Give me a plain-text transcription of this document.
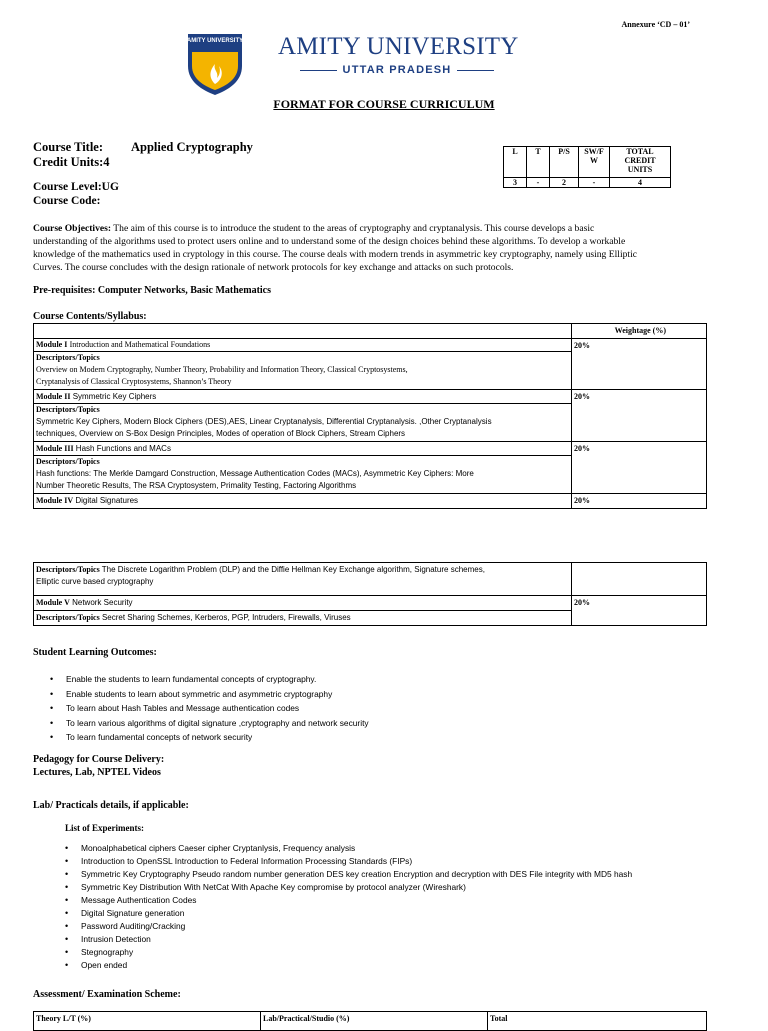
Annexure ‘CD – 01’
AMITY UNIVERSITY AMITY UNIVERSITY
UTTAR PRADESH
FORMAT FOR COURSE CURRICULUM
Course Title: Applied Cryptography
Credit Units:4
Course Level:UG
Course Code:
L	T	P/S	SW/F W	TOTAL CREDIT UNITS
3	-	2	-	4
Course Objectives: The aim of this course is to introduce the student to the areas of cryptography and cryptanalysis. This course develops a basic
understanding of the algorithms used to protect users online and to understand some of the design choices behind these algorithms. To develop a workable
knowledge of the mathematics used in cryptology in this course. The course deals with modern trends in asymmetric key cryptography, namely using Elliptic
Curves. The course concludes with the design rationale of network protocols for key exchange and attacks on such protocols.
Pre-requisites: Computer Networks, Basic Mathematics
Course Contents/Syllabus:
	Weightage (%)

Module I Introduction and Mathematical Foundations
Descriptors/Topics
Overview on Modern Cryptography, Number Theory, Probability and Information Theory, Classical Cryptosystems,
Cryptanalysis of Classical Cryptosystems, Shannon’s Theory	20%

Module II Symmetric Key Ciphers
Descriptors/Topics
Symmetric Key Ciphers, Modern Block Ciphers (DES),AES, Linear Cryptanalysis, Differential Cryptanalysis. ,Other Cryptanalysis
techniques, Overview on S-Box Design Principles, Modes of operation of Block Ciphers, Stream Ciphers	20%

Module III Hash Functions and MACs
Descriptors/Topics
Hash functions: The Merkle Damgard Construction, Message Authentication Codes (MACs), Asymmetric Key Ciphers: More
Number Theoretic Results, The RSA Cryptosystem, Primality Testing, Factoring Algorithms	20%
Module IV Digital Signatures	20%
Descriptors/Topics The Discrete Logarithm Problem (DLP) and the Diffie Hellman Key Exchange algorithm, Signature schemes,
Elliptic curve based cryptography	

Module V Network Security	20%
Descriptors/Topics Secret Sharing Schemes, Kerberos, PGP, Intruders, Firewalls, Viruses	
Student Learning Outcomes:
• Enable the students to learn fundamental concepts of cryptography.
• Enable students to learn about symmetric and asymmetric cryptography
• To learn about Hash Tables and Message authentication codes
• To learn various algorithms of digital signature ,cryptography and network security
• To learn fundamental concepts of network security
Pedagogy for Course Delivery:
Lectures, Lab, NPTEL Videos
Lab/ Practicals details, if applicable:
List of Experiments:
• Monoalphabetical ciphers Caeser cipher Cryptanlysis, Frequency analysis
• Introduction to OpenSSL Introduction to Federal Information Processing Standards (FIPs)
• Symmetric Key Cryptography Pseudo random number generation DES key creation Encryption and decryption with DES File integrity with MD5 hash
• Symmetric Key Distribution With NetCat With Apache Key compromise by protocol analyzer (Wireshark)
• Message Authentication Codes
• Digital Signature generation
• Password Auditing/Cracking
• Intrusion Detection
• Stegnography
• Open ended
Assessment/ Examination Scheme:
Theory L/T (%)	Lab/Practical/Studio (%)	Total
